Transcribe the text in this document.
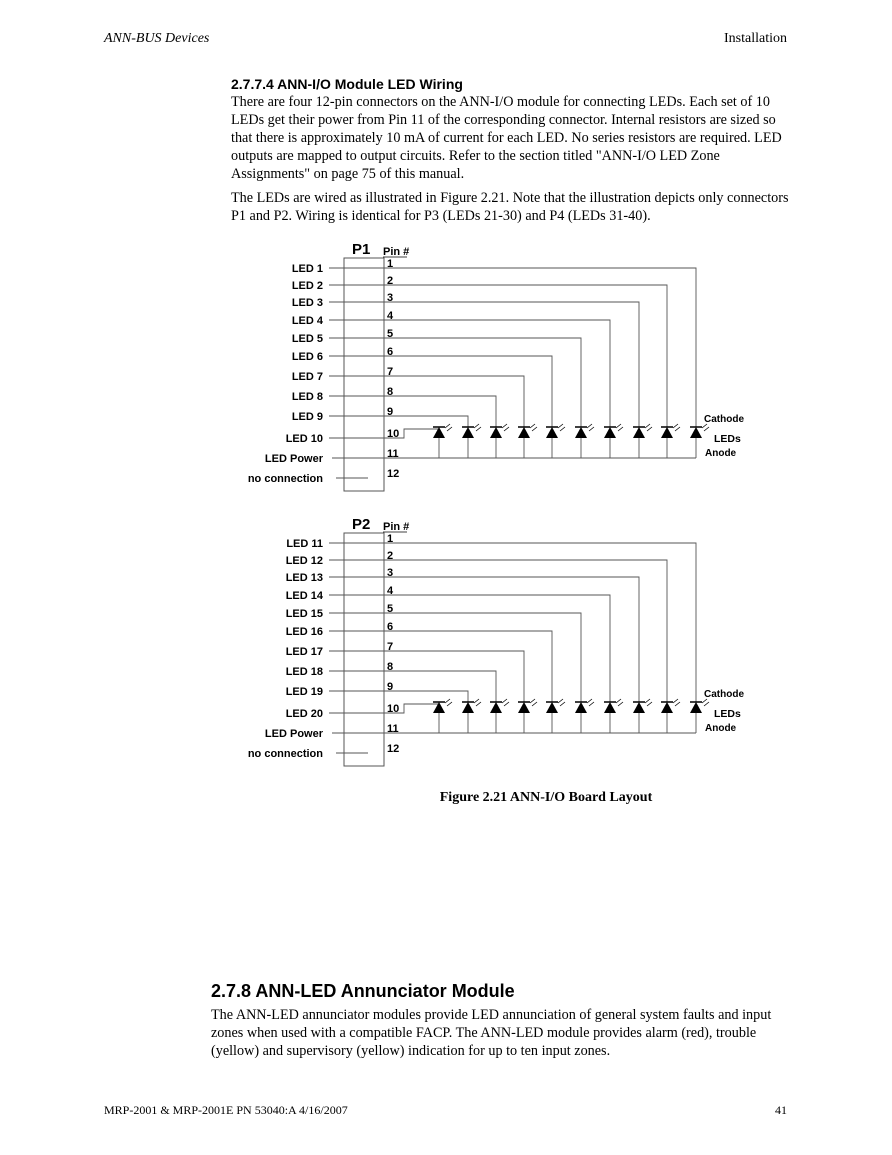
ANN-BUS Devices	Installation
2.7.7.4 ANN-I/O Module LED Wiring

There are four 12-pin connectors on the ANN-I/O module for connecting LEDs. Each set of 10 LEDs get their power from Pin 11 of the corresponding connector. Internal resistors are sized so that there is approximately 10 mA of current for each LED. No series resistors are required. LED outputs are mapped to output circuits. Refer to the section titled "ANN-I/O LED Zone Assignments" on page 75 of this manual.

The LEDs are wired as illustrated in Figure 2.21. Note that the illustration depicts only connectors P1 and P2. Wiring is identical for P3 (LEDs 21-30) and P4 (LEDs 31-40).

P1 Pin #
LED 1	1
LED 2	2
LED 3	3
LED 4	4
LED 5	5
LED 6	6
LED 7	7
LED 8	8
LED 9	9
LED 10	10
LED Power	11
no connection	12
Cathode
LEDs
Anode
P2 Pin #
LED 11	1
LED 12	2
LED 13	3
LED 14	4
LED 15	5
LED 16	6
LED 17	7
LED 18	8
LED 19	9
LED 20	10
LED Power	11
no connection	12
Cathode
LEDs
Anode
Figure 2.21 ANN-I/O Board Layout
2.7.8 ANN-LED Annunciator Module

The ANN-LED annunciator modules provide LED annunciation of general system faults and input zones when used with a compatible FACP. The ANN-LED module provides alarm (red), trouble (yellow) and supervisory (yellow) indication for up to ten input zones.

MRP-2001 & MRP-2001E PN 53040:A 4/16/2007	41
